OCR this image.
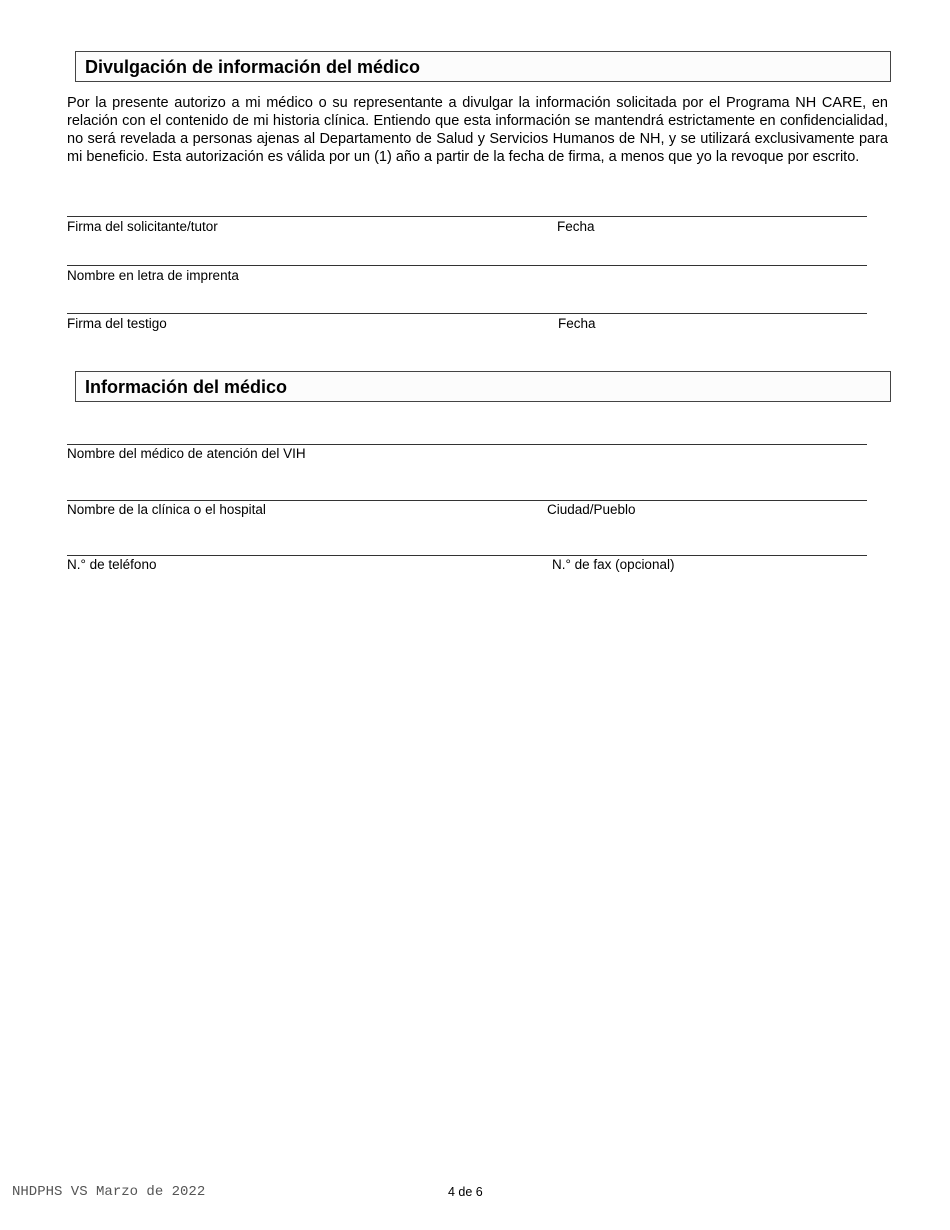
Divulgación de información del médico
Por la presente autorizo a mi médico o su representante a divulgar la información solicitada por el Programa NH CARE, en relación con el contenido de mi historia clínica. Entiendo que esta información se mantendrá estrictamente en confidencialidad, no será revelada a personas ajenas al Departamento de Salud y Servicios Humanos de NH, y se utilizará exclusivamente para mi beneficio. Esta autorización es válida por un (1) año a partir de la fecha de firma, a menos que yo la revoque por escrito.
Firma del solicitante/tutor	Fecha
Nombre en letra de imprenta
Firma del testigo	Fecha
Información del médico
Nombre del médico de atención del VIH
Nombre de la clínica o el hospital	Ciudad/Pueblo
N.° de teléfono	N.° de fax (opcional)
NHDPHS VS Marzo de 2022	4 de 6
